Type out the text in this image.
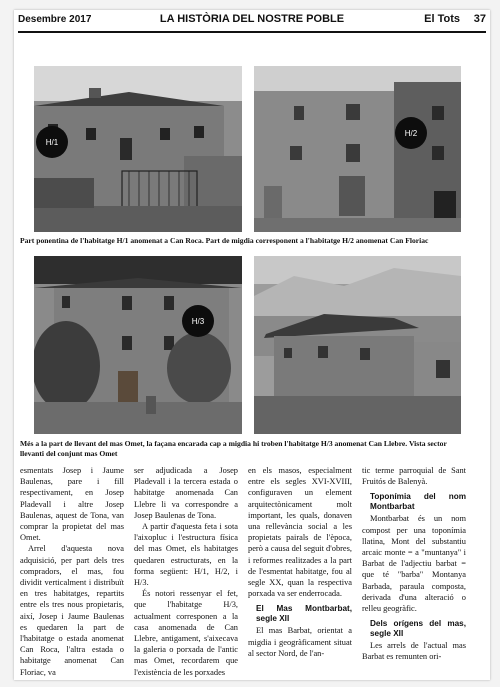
Desembre 2017	LA HISTÒRIA DEL NOSTRE POBLE	El Tots 37
H/1
H/2
Part ponentina de l'habitatge H/1 anomenat a Can Roca. Part de migdia corresponent a l'habitatge H/2 anomenat Can Floriac
H/3
Més a la part de llevant del mas Omet, la façana encarada cap a migdia hi troben l'habitatge H/3 anomenat Can Llebre. Vista sector llevanti del conjunt mas Omet

esmentats Josep i Jaume Baulenas, pare i fill respectivament, en Josep Pladevall i altre Josep Baulenas, aquest de Tona, van comprar la propietat del mas Omet.

Arrel d'aquesta nova adquisició, per part dels tres compradors, el mas, fou dividit verticalment i distribuït en tres habitatges, repartits entre els tres nous propietaris, així, Josep i Jaume Baulenas es quedaren la part de l'habitatge o estada anomenat Can Roca, l'altra estada o habitatge anomenat Can Floriac, va

ser adjudicada a Josep Pladevall i la tercera estada o habitatge anomenada Can Llebre li va correspondre a Josep Baulenas de Tona.

A partir d'aquesta feta i sota l'aixopluc i l'estructura física del mas Omet, els habitatges quedaren estructurats, en la forma següent: H/1, H/2, i H/3.

És notori ressenyar el fet, que l'habitatge H/3, actualment corresponen a la casa anomenada de Can Llebre, antigament, s'aixecava la galeria o porxada de l'antic mas Omet, recordarem que l'existència de les porxades

en els masos, especialment entre els segles XVI-XVIII, configuraven un element arquitectònicament molt important, les quals, donaven una rellevància social a les propietats pairals de l'època, però a causa del seguit d'obres, i reformes realitzades a la part de l'esmentat habitatge, fou al segle XX, quan la respectiva porxada va ser enderrocada.

El Mas Montbarbat, segle XII

El mas Barbat, orientat a migdia i geogràficament situat al sector Nord, de l'an-

tic terme parroquial de Sant Fruitós de Balenyà.

Toponímia del nom Montbarbat

Montbarbat és un nom compost per una toponímia llatina, Mont del substantiu arcaic monte = a "muntanya" i Barbat de l'adjectiu barbat = que té "barba" Montanya Barbada, paraula composta, derivada d'una alteració o relleu geogràfic.

Dels orígens del mas, segle XII

Les arrels de l'actual mas Barbat es remunten ori-
